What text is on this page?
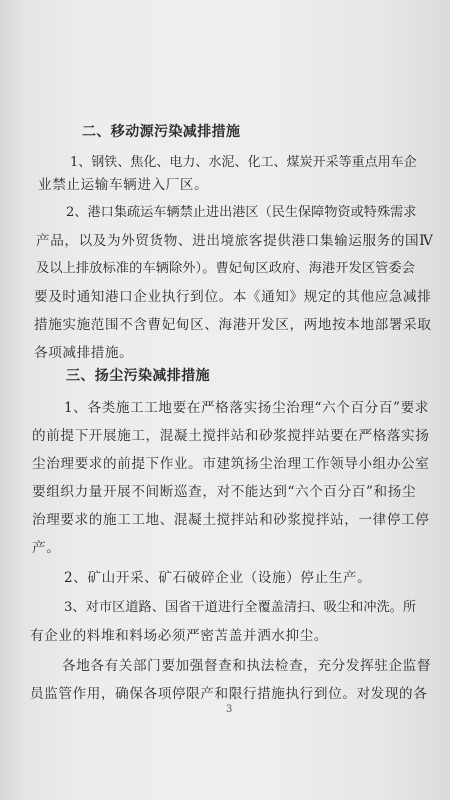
二、移动源污染减排措施
1、钢铁、焦化、电力、水泥、化工、煤炭开采等重点用车企
业禁止运输车辆进入厂区。
2、港口集疏运车辆禁止进出港区（民生保障物资或特殊需求
产品，以及为外贸货物、进出境旅客提供港口集输运服务的国Ⅳ
及以上排放标准的车辆除外）。曹妃甸区政府、海港开发区管委会
要及时通知港口企业执行到位。本《通知》规定的其他应急减排
措施实施范围不含曹妃甸区、海港开发区，两地按本地部署采取
各项减排措施。
三、扬尘污染减排措施
1、各类施工工地要在严格落实扬尘治理“六个百分百”要求
的前提下开展施工，混凝土搅拌站和砂浆搅拌站要在严格落实扬
尘治理要求的前提下作业。市建筑扬尘治理工作领导小组办公室
要组织力量开展不间断巡查，对不能达到“六个百分百”和扬尘
治理要求的施工工地、混凝土搅拌站和砂浆搅拌站，一律停工停
产。
2、矿山开采、矿石破碎企业（设施）停止生产。
3、对市区道路、国省干道进行全覆盖清扫、吸尘和冲洗。所
有企业的料堆和料场必须严密苫盖并洒水抑尘。
各地各有关部门要加强督查和执法检查，充分发挥驻企监督
员监管作用，确保各项停限产和限行措施执行到位。对发现的各
3
